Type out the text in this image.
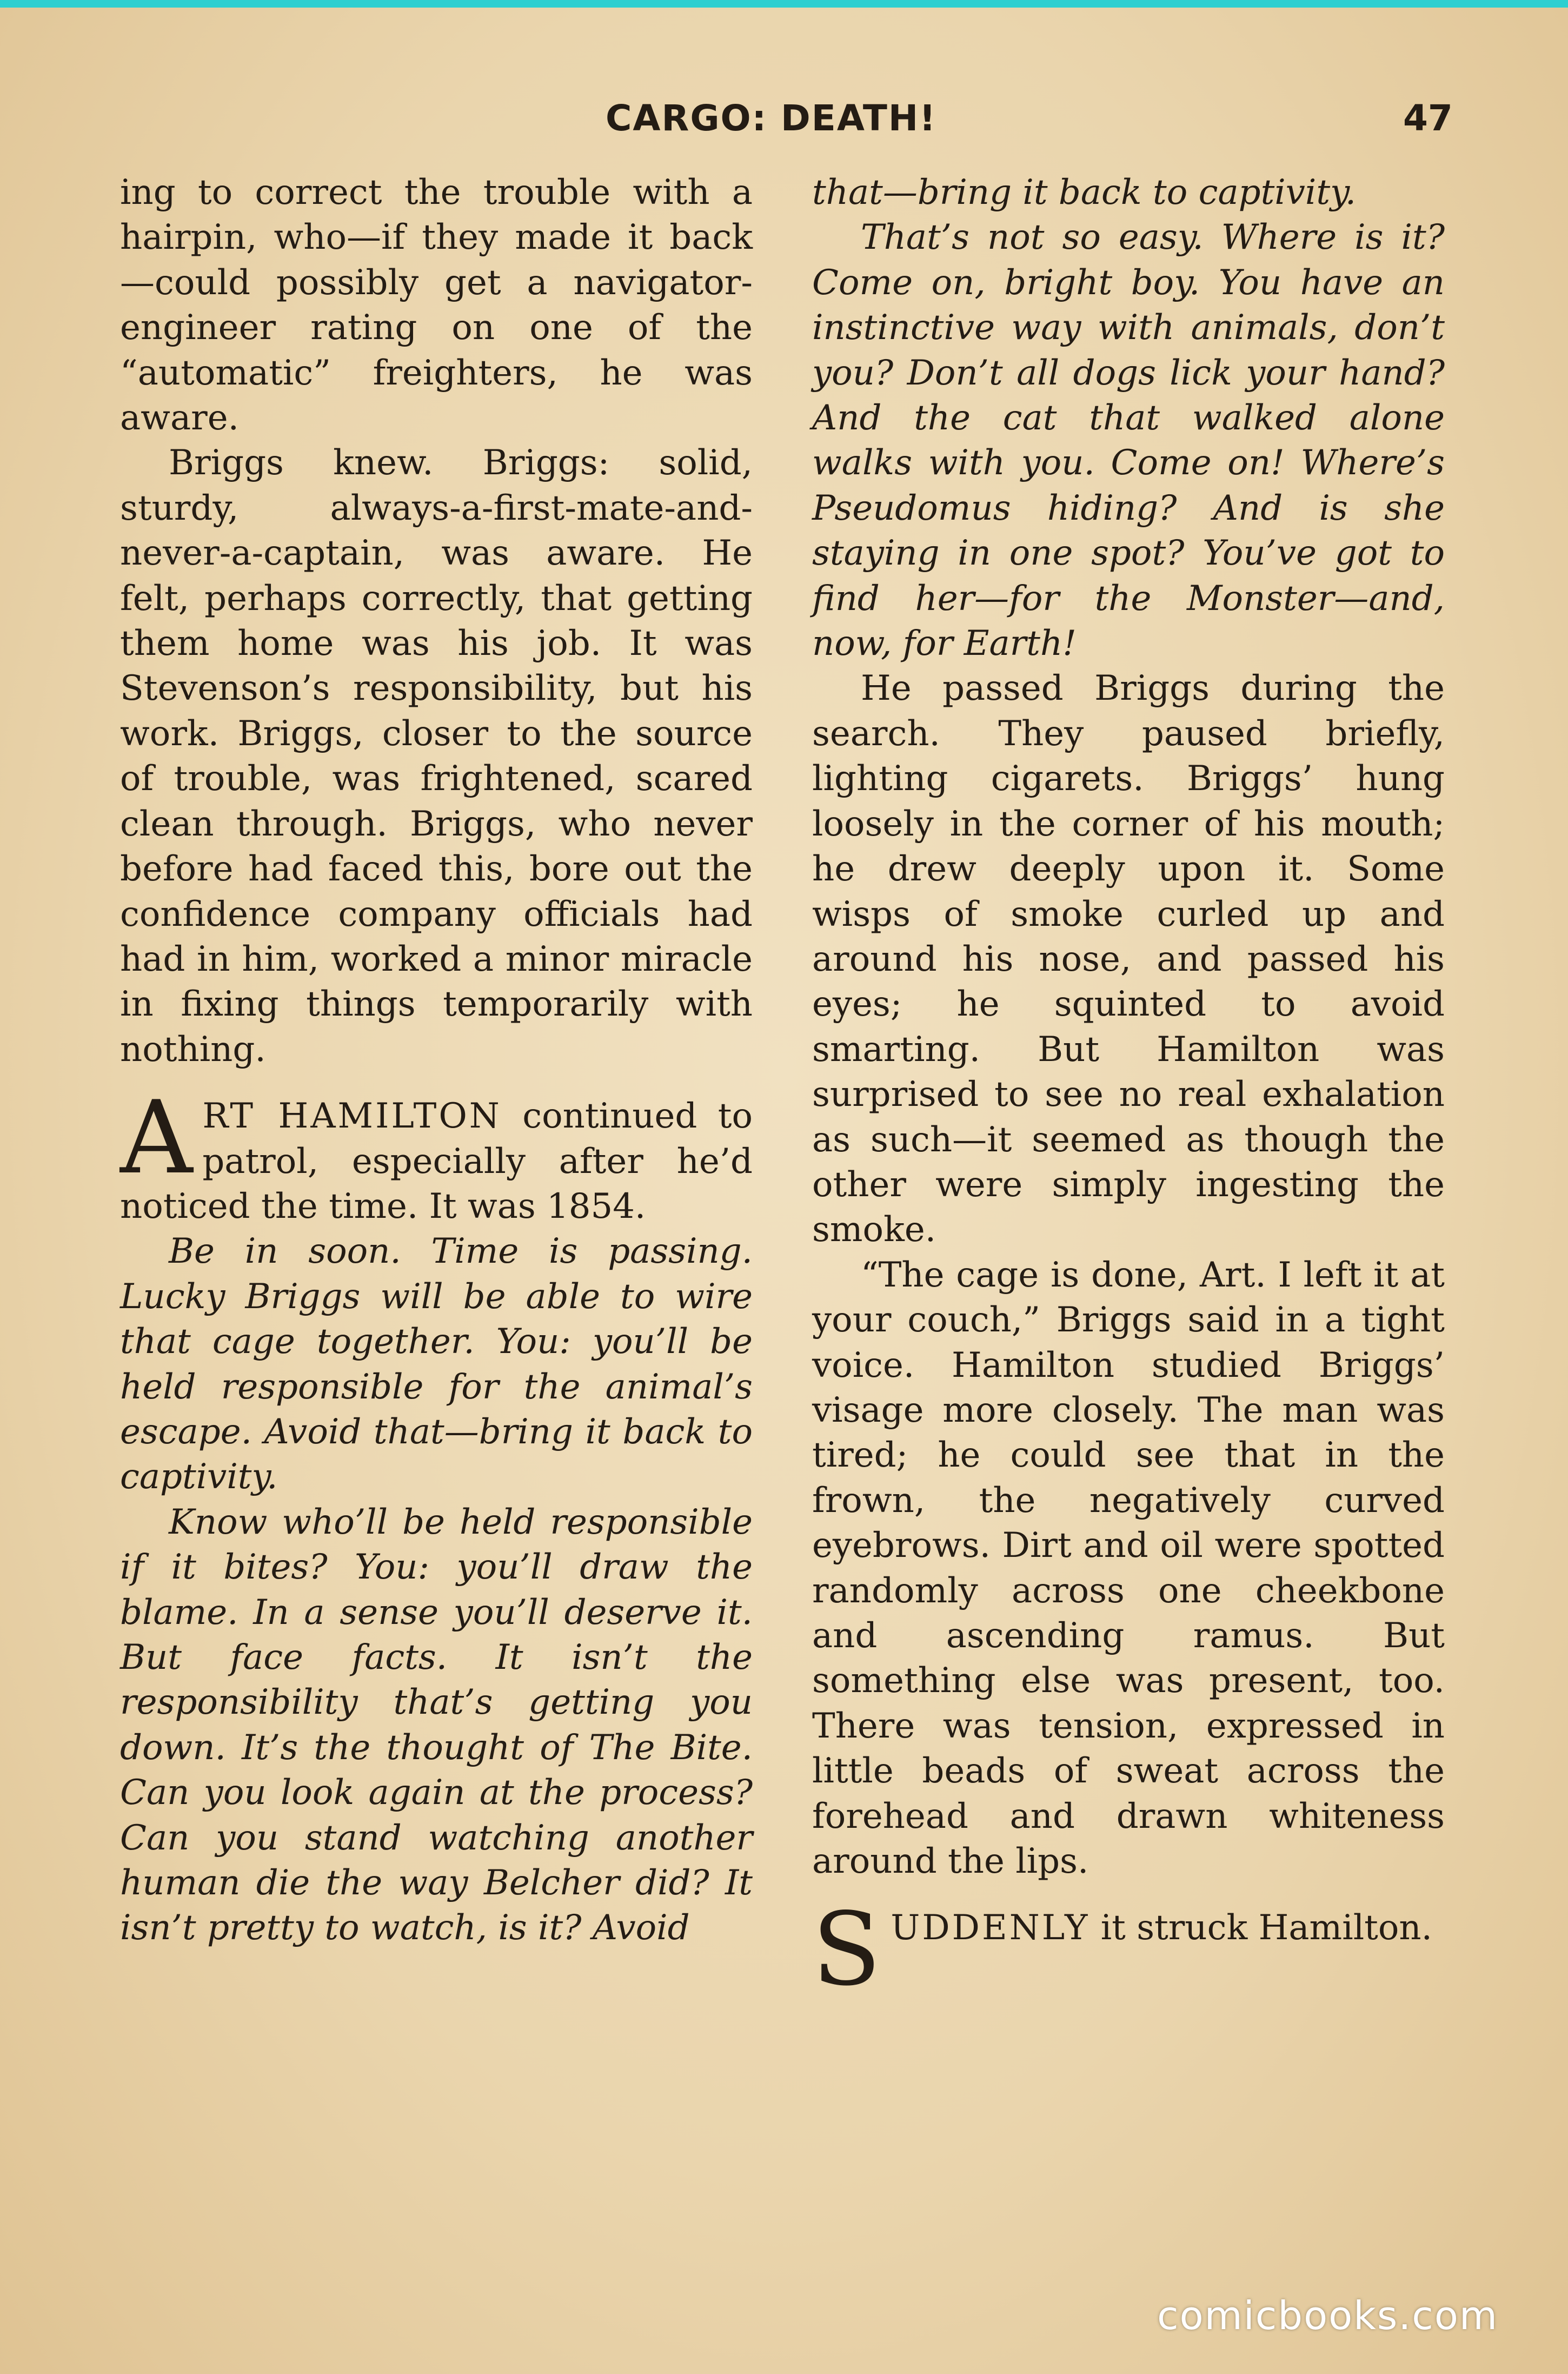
CARGO: DEATH!	47

ing to correct the trouble with a hairpin, who—if they made it back—could possibly get a navigator-engineer rating on one of the “automatic” freighters, he was aware.

Briggs knew. Briggs: solid, sturdy, always-a-first-mate-and-never-a-captain, was aware. He felt, perhaps correctly, that getting them home was his job. It was Stevenson’s responsibility, but his work. Briggs, closer to the source of trouble, was frightened, scared clean through. Briggs, who never before had faced this, bore out the confidence company officials had had in him, worked a minor miracle in fixing things temporarily with nothing.

ART HAMILTON continued to patrol, especially after he’d noticed the time. It was 1854.

Be in soon. Time is passing. Lucky Briggs will be able to wire that cage together. You: you’ll be held responsible for the animal’s escape. Avoid that—bring it back to captivity.

Know who’ll be held responsible if it bites? You: you’ll draw the blame. In a sense you’ll deserve it. But face facts. It isn’t the responsibility that’s getting you down. It’s the thought of The Bite. Can you look again at the process? Can you stand watching another human die the way Belcher did? It isn’t pretty to watch, is it? Avoid

that—bring it back to captivity.

That’s not so easy. Where is it? Come on, bright boy. You have an instinctive way with animals, don’t you? Don’t all dogs lick your hand? And the cat that walked alone walks with you. Come on! Where’s Pseudomus hiding? And is she staying in one spot? You’ve got to find her—for the Monster—and, now, for Earth!

He passed Briggs during the search. They paused briefly, lighting cigarets. Briggs’ hung loosely in the corner of his mouth; he drew deeply upon it. Some wisps of smoke curled up and around his nose, and passed his eyes; he squinted to avoid smarting. But Hamilton was surprised to see no real exhalation as such—it seemed as though the other were simply ingesting the smoke.

“The cage is done, Art. I left it at your couch,” Briggs said in a tight voice. Hamilton studied Briggs’ visage more closely. The man was tired; he could see that in the frown, the negatively curved eyebrows. Dirt and oil were spotted randomly across one cheekbone and ascending ramus. But something else was present, too. There was tension, expressed in little beads of sweat across the forehead and drawn whiteness around the lips.

SUDDENLY it struck Hamilton.

comicbooks.com
